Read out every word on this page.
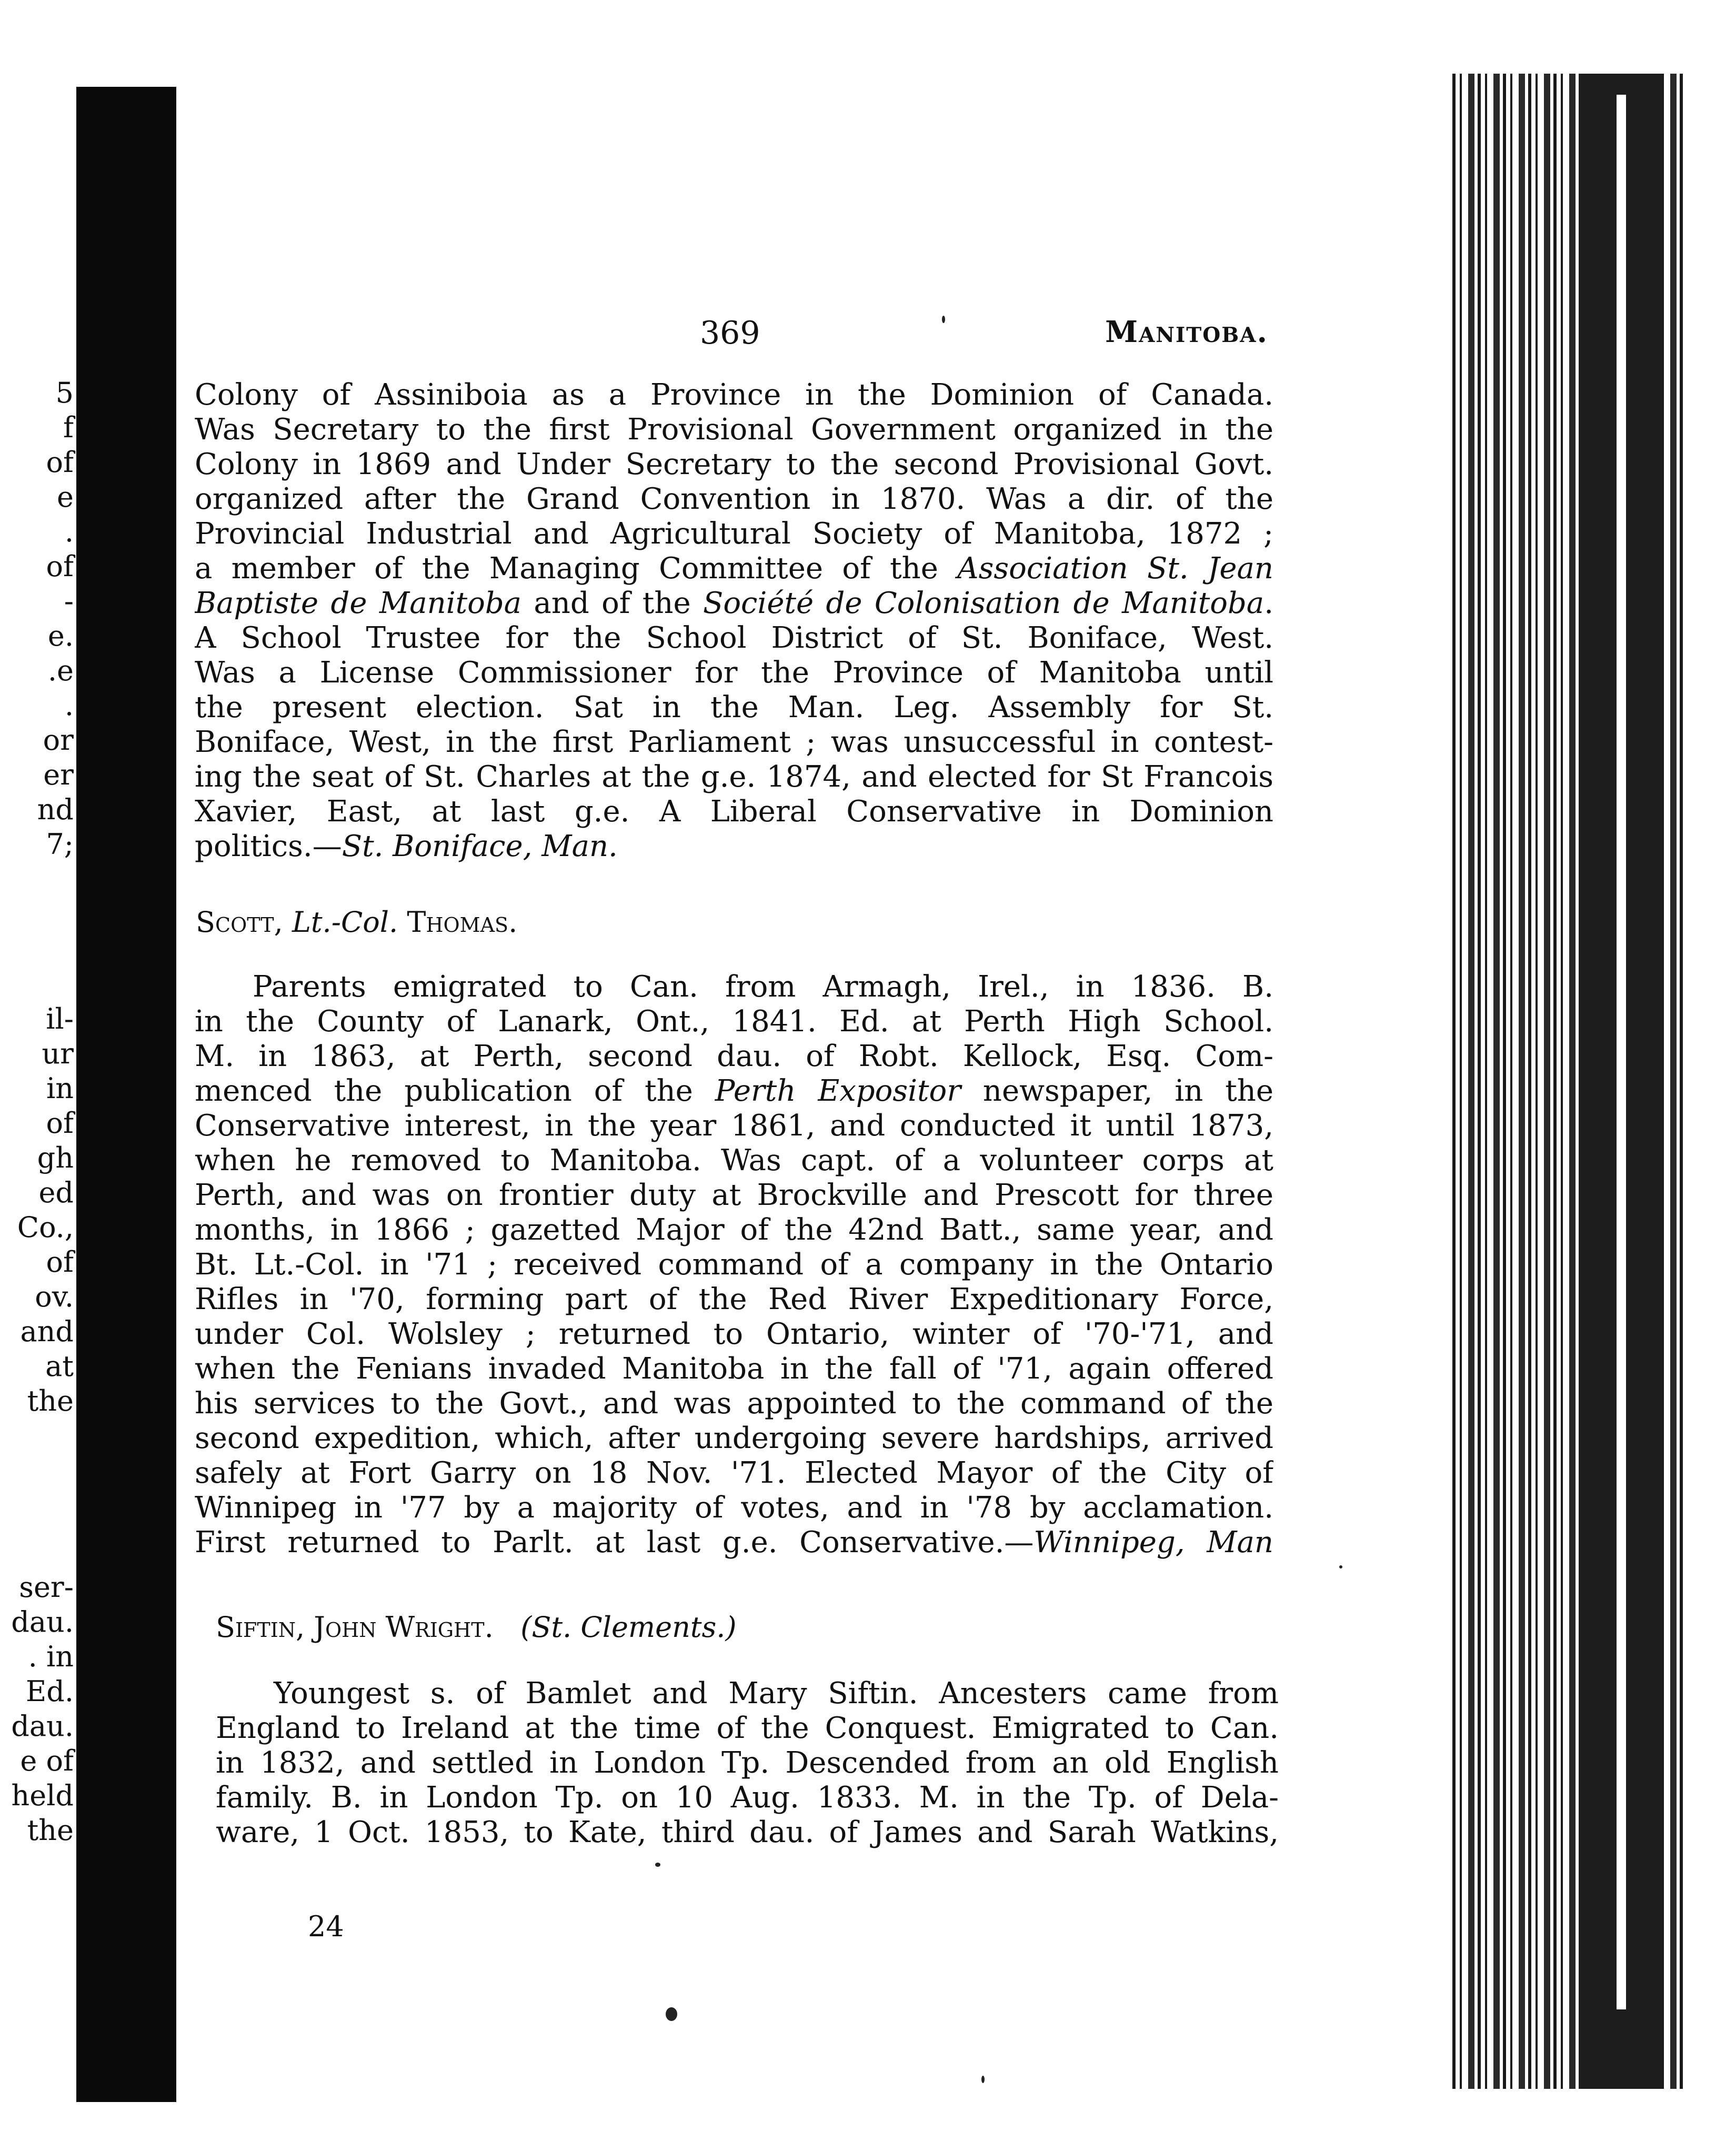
5
f
of
e
.
of
-
e.
.e
.
or
er
nd
7;
il-
ur
in
of
gh
ed
Co.,
of
ov.
and
at
the
ser-
dau.
. in
Ed.
dau.
e of
held
the
369	Manitoba.
Colony of Assiniboia as a Province in the Dominion of Canada.
Was Secretary to the first Provisional Government organized in the
Colony in 1869 and Under Secretary to the second Provisional Govt.
organized after the Grand Convention in 1870. Was a dir. of the
Provincial Industrial and Agricultural Society of Manitoba, 1872 ;
a member of the Managing Committee of the Association St. Jean
Baptiste de Manitoba and of the Société de Colonisation de Manitoba.
A School Trustee for the School District of St. Boniface, West.
Was a License Commissioner for the Province of Manitoba until
the present election. Sat in the Man. Leg. Assembly for St.
Boniface, West, in the first Parliament ; was unsuccessful in contest-
ing the seat of St. Charles at the g.e. 1874, and elected for St Francois
Xavier, East, at last g.e. A Liberal Conservative in Dominion
politics.—St. Boniface, Man.
Scott, Lt.-Col. Thomas.
Parents emigrated to Can. from Armagh, Irel., in 1836. B.
in the County of Lanark, Ont., 1841. Ed. at Perth High School.
M. in 1863, at Perth, second dau. of Robt. Kellock, Esq. Com-
menced the publication of the Perth Expositor newspaper, in the
Conservative interest, in the year 1861, and conducted it until 1873,
when he removed to Manitoba. Was capt. of a volunteer corps at
Perth, and was on frontier duty at Brockville and Prescott for three
months, in 1866 ; gazetted Major of the 42nd Batt., same year, and
Bt. Lt.-Col. in '71 ; received command of a company in the Ontario
Rifles in '70, forming part of the Red River Expeditionary Force,
under Col. Wolsley ; returned to Ontario, winter of '70-'71, and
when the Fenians invaded Manitoba in the fall of '71, again offered
his services to the Govt., and was appointed to the command of the
second expedition, which, after undergoing severe hardships, arrived
safely at Fort Garry on 18 Nov. '71. Elected Mayor of the City of
Winnipeg in '77 by a majority of votes, and in '78 by acclamation.
First returned to Parlt. at last g.e. Conservative.—Winnipeg, Man
Siftin, John Wright. (St. Clements.)
Youngest s. of Bamlet and Mary Siftin. Ancesters came from
England to Ireland at the time of the Conquest. Emigrated to Can.
in 1832, and settled in London Tp. Descended from an old English
family. B. in London Tp. on 10 Aug. 1833. M. in the Tp. of Dela-
ware, 1 Oct. 1853, to Kate, third dau. of James and Sarah Watkins,
24
